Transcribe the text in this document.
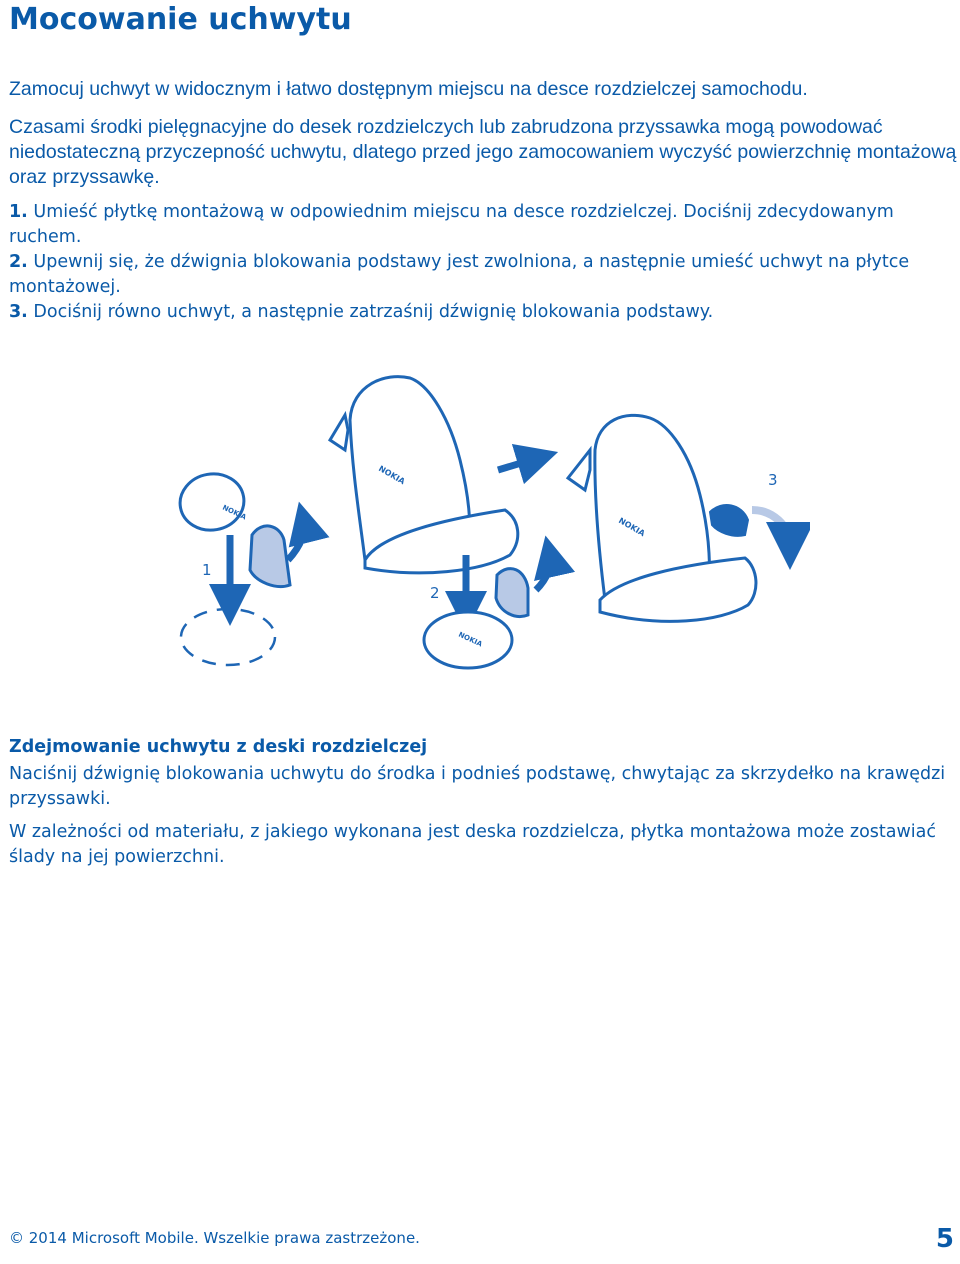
Mocowanie uchwytu

Zamocuj uchwyt w widocznym i łatwo dostępnym miejscu na desce rozdzielczej samochodu.

Czasami środki pielęgnacyjne do desek rozdzielczych lub zabrudzona przyssawka mogą powodować niedostateczną przyczepność uchwytu, dlatego przed jego zamocowaniem wyczyść powierzchnię montażową oraz przyssawkę.

1. Umieść płytkę montażową w odpowiednim miejscu na desce rozdzielczej. Dociśnij zdecydowanym ruchem.
2. Upewnij się, że dźwignia blokowania podstawy jest zwolniona, a następnie umieść uchwyt na płytce montażowej.
3. Dociśnij równo uchwyt, a następnie zatrzaśnij dźwignię blokowania podstawy.
NOKIA
1
NOKIA
NOKIA
2
NOKIA
3
Zdejmowanie uchwytu z deski rozdzielczej

Naciśnij dźwignię blokowania uchwytu do środka i podnieś podstawę, chwytając za skrzydełko na krawędzi przyssawki.

W zależności od materiału, z jakiego wykonana jest deska rozdzielcza, płytka montażowa może zostawiać ślady na jej powierzchni.

© 2014 Microsoft Mobile. Wszelkie prawa zastrzeżone.	5
